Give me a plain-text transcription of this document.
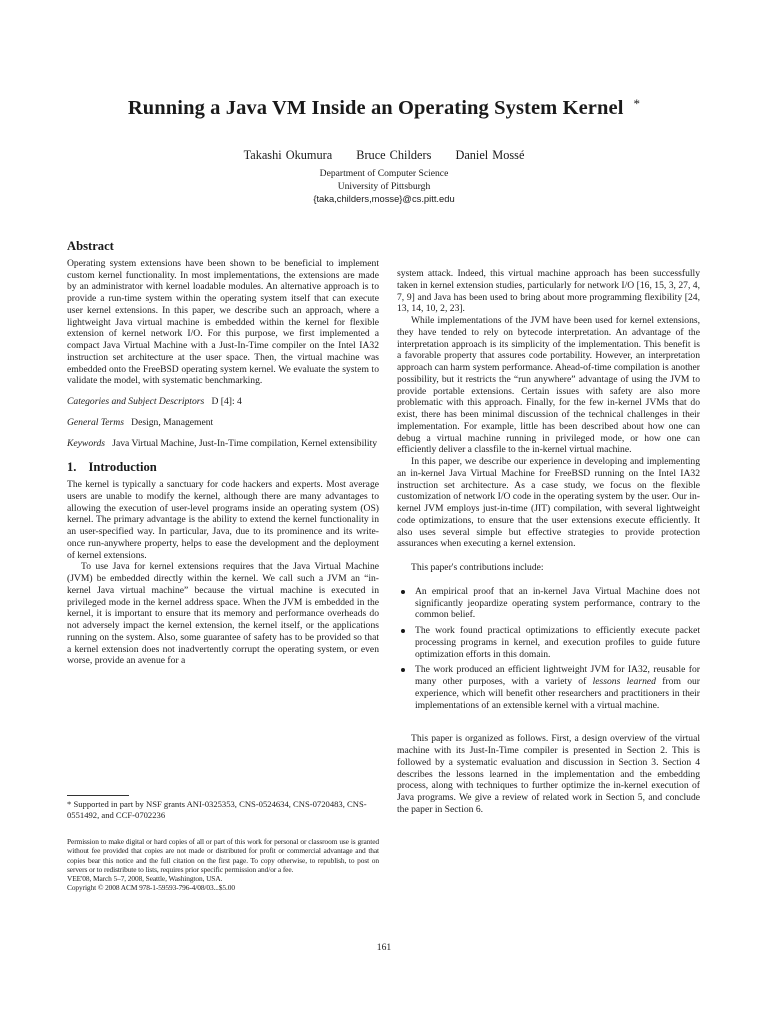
Running a Java VM Inside an Operating System Kernel *
Takashi Okumura Bruce Childers Daniel Mossé
Department of Computer Science
University of Pittsburgh
{taka,childers,mosse}@cs.pitt.edu
Abstract

Operating system extensions have been shown to be beneficial to implement custom kernel functionality. In most implementations, the extensions are made by an administrator with kernel loadable modules. An alternative approach is to provide a run-time system within the operating system itself that can execute user kernel extensions. In this paper, we describe such an approach, where a lightweight Java virtual machine is embedded within the kernel for flexible extension of kernel network I/O. For this purpose, we first implemented a compact Java Virtual Machine with a Just-In-Time compiler on the Intel IA32 instruction set architecture at the user space. Then, the virtual machine was embedded onto the FreeBSD operating system kernel. We evaluate the system to validate the model, with systematic benchmarking.

Categories and Subject Descriptors D [4]: 4

General Terms Design, Management

Keywords Java Virtual Machine, Just-In-Time compilation, Kernel extensibility

1. Introduction

The kernel is typically a sanctuary for code hackers and experts. Most average users are unable to modify the kernel, although there are many advantages to allowing the execution of user-level programs inside an operating system (OS) kernel. The primary advantage is the ability to extend the kernel functionality in an user-specified way. In particular, Java, due to its prominence and its write-once run-anywhere property, helps to ease the development and the deployment of kernel extensions.

To use Java for kernel extensions requires that the Java Virtual Machine (JVM) be embedded directly within the kernel. We call such a JVM an “in-kernel Java virtual machine” because the virtual machine is executed in privileged mode in the kernel address space. When the JVM is embedded in the kernel, it is important to ensure that its memory and performance overheads do not adversely impact the kernel extension, the kernel itself, or the applications running on the system. Also, some guarantee of safety has to be provided so that a kernel extension does not inadvertently corrupt the operating system, or even worse, provide an avenue for a

* Supported in part by NSF grants ANI-0325353, CNS-0524634, CNS-0720483, CNS-0551492, and CCF-0702236
Permission to make digital or hard copies of all or part of this work for personal or classroom use is granted without fee provided that copies are not made or distributed for profit or commercial advantage and that copies bear this notice and the full citation on the first page. To copy otherwise, to republish, to post on servers or to redistribute to lists, requires prior specific permission and/or a fee.
VEE'08, March 5–7, 2008, Seattle, Washington, USA.
Copyright © 2008 ACM 978-1-59593-796-4/08/03...$5.00

system attack. Indeed, this virtual machine approach has been successfully taken in kernel extension studies, particularly for network I/O [16, 15, 3, 27, 4, 7, 9] and Java has been used to bring about more programming flexibility [24, 13, 14, 10, 2, 23].

While implementations of the JVM have been used for kernel extensions, they have tended to rely on bytecode interpretation. An advantage of the interpretation approach is its simplicity of the implementation. This benefit is a favorable property that assures code portability. However, an interpretation approach can harm system performance. Ahead-of-time compilation is another possibility, but it restricts the “run anywhere” advantage of using the JVM to provide portable extensions. Certain issues with safety are also more problematic with this approach. Finally, for the few in-kernel JVMs that do exist, there has been minimal discussion of the technical challenges in their implementation. For example, little has been described about how one can debug a virtual machine running in privileged mode, or how one can efficiently deliver a classfile to the in-kernel virtual machine.

In this paper, we describe our experience in developing and implementing an in-kernel Java Virtual Machine for FreeBSD running on the Intel IA32 instruction set architecture. As a case study, we focus on the flexible customization of network I/O code in the operating system by the user. Our in-kernel JVM employs just-in-time (JIT) compilation, with several lightweight code optimizations, to ensure that the user extensions execute efficiently. It also uses several simple but effective strategies to provide protection assurances when executing a kernel extension.

This paper's contributions include:

An empirical proof that an in-kernel Java Virtual Machine does not significantly jeopardize operating system performance, contrary to the common belief.
The work found practical optimizations to efficiently execute packet processing programs in kernel, and execution profiles to guide future optimization efforts in this domain.
The work produced an efficient lightweight JVM for IA32, reusable for many other purposes, with a variety of lessons learned from our experience, which will benefit other researchers and practitioners in their implementations of an extensible kernel with a virtual machine.

This paper is organized as follows. First, a design overview of the virtual machine with its Just-In-Time compiler is presented in Section 2. This is followed by a systematic evaluation and discussion in Section 3. Section 4 describes the lessons learned in the implementation and the embedding process, along with techniques to further optimize the in-kernel execution of Java programs. We give a review of related work in Section 5, and conclude the paper in Section 6.

161
